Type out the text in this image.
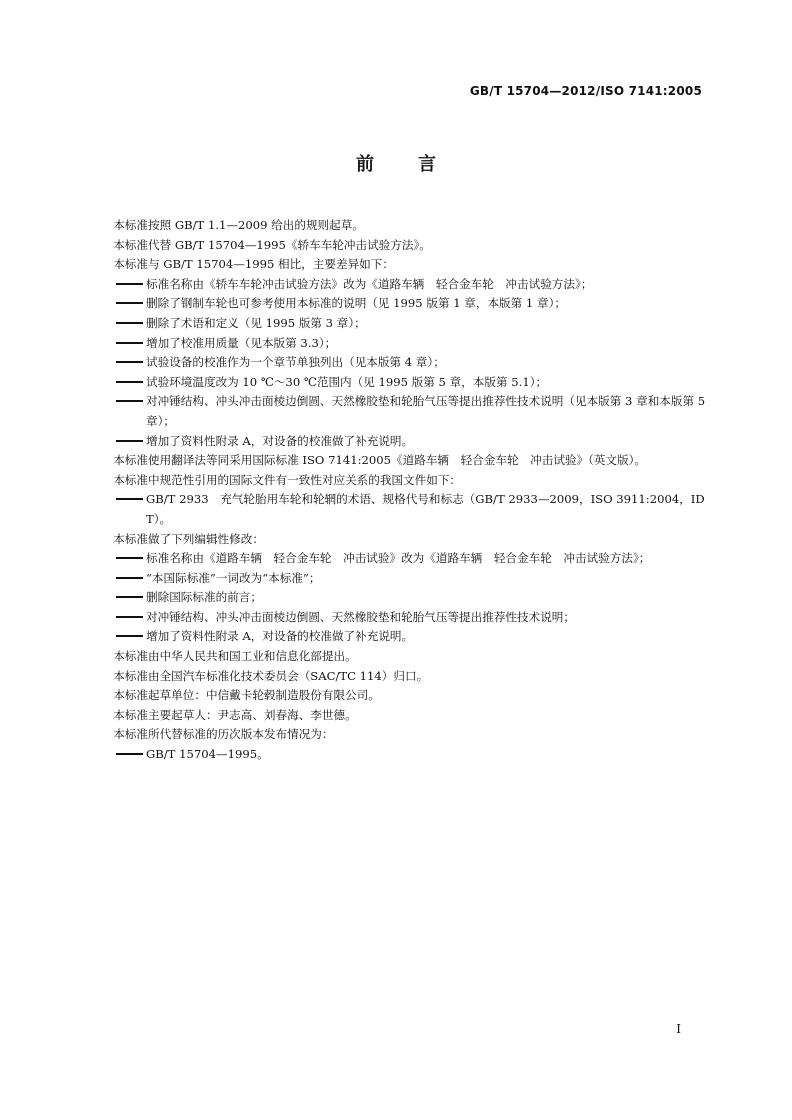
GB/T 15704—2012/ISO 7141:2005
前言

本标准按照 GB/T 1.1—2009 给出的规则起草。

本标准代替 GB/T 15704—1995《轿车车轮冲击试验方法》。

本标准与 GB/T 15704—1995 相比，主要差异如下：

标准名称由《轿车车轮冲击试验方法》改为《道路车辆　轻合金车轮　冲击试验方法》；

删除了钢制车轮也可参考使用本标准的说明（见 1995 版第 1 章，本版第 1 章）；

删除了术语和定义（见 1995 版第 3 章）；

增加了校准用质量（见本版第 3.3）；

试验设备的校准作为一个章节单独列出（见本版第 4 章）；

试验环境温度改为 10 ℃～30 ℃范围内（见 1995 版第 5 章，本版第 5.1）；

对冲锤结构、冲头冲击面棱边倒圆、天然橡胶垫和轮胎气压等提出推荐性技术说明（见本版第 3 章和本版第 5 章）；

增加了资料性附录 A，对设备的校准做了补充说明。

本标准使用翻译法等同采用国际标准 ISO 7141:2005《道路车辆　轻合金车轮　冲击试验》（英文版）。

本标准中规范性引用的国际文件有一致性对应关系的我国文件如下：

GB/T 2933　充气轮胎用车轮和轮辋的术语、规格代号和标志（GB/T 2933—2009，ISO 3911:2004，IDT）。

本标准做了下列编辑性修改：

标准名称由《道路车辆　轻合金车轮　冲击试验》改为《道路车辆　轻合金车轮　冲击试验方法》；

“本国际标准”一词改为“本标准”；

删除国际标准的前言；

对冲锤结构、冲头冲击面棱边倒圆、天然橡胶垫和轮胎气压等提出推荐性技术说明；

增加了资料性附录 A，对设备的校准做了补充说明。

本标准由中华人民共和国工业和信息化部提出。

本标准由全国汽车标准化技术委员会（SAC/TC 114）归口。

本标准起草单位：中信戴卡轮毂制造股份有限公司。

本标准主要起草人：尹志高、刘春海、李世德。

本标准所代替标准的历次版本发布情况为：

GB/T 15704—1995。

I
